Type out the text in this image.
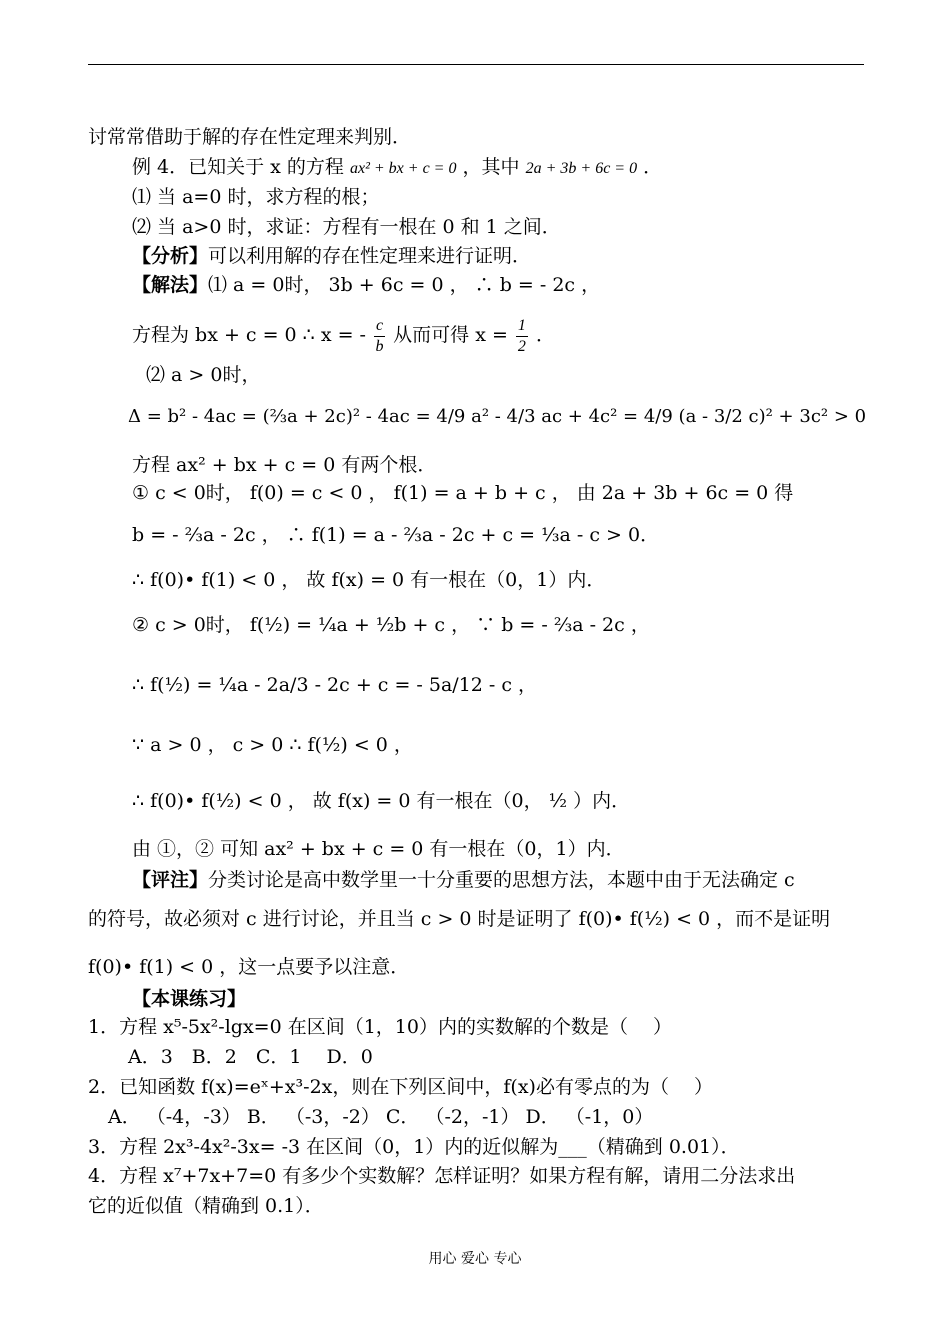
讨常常借助于解的存在性定理来判别．
例 4．已知关于 x 的方程 ax² + bx + c = 0 ，其中 2a + 3b + 6c = 0 ．
⑴ 当 a=0 时，求方程的根；
⑵ 当 a>0 时，求证：方程有一根在 0 和 1 之间．
【分析】可以利用解的存在性定理来进行证明．
【解法】⑴ a = 0时， 3b + 6c = 0 ， ∴ b = - 2c ，
方程为 bx + c = 0 ∴ x = - $\frac{c}{b}$ 从而可得 $x = \frac{1}{2}$ ．
⑵ a > 0时，
Δ = b² - 4ac = (⅔a + 2c)² - 4ac = 4/9 a² - 4/3 ac + 4c² = 4/9 (a - 3/2 c)² + 3c² > 0
方程 ax² + bx + c = 0 有两个根．
① c < 0时， f(0) = c < 0 ， f(1) = a + b + c ， 由 2a + 3b + 6c = 0 得
b = - ⅔a - 2c ， ∴ f(1) = a - ⅔a - 2c + c = ⅓a - c > 0．
∴ f(0)• f(1) < 0 ， 故 f(x) = 0 有一根在（0，1）内．
② c > 0时， f(½) = ¼a + ½b + c ， ∵ b = - ⅔a - 2c ，
∴ f(½) = ¼a - 2a/3 - 2c + c = - 5a/12 - c ，
∵ a > 0 ， c > 0 ∴ f(½) < 0 ，
∴ f(0)• f(½) < 0 ， 故 f(x) = 0 有一根在（0， ½ ）内．
由 ①，② 可知 ax² + bx + c = 0 有一根在（0，1）内．
【评注】分类讨论是高中数学里一十分重要的思想方法，本题中由于无法确定 c
的符号，故必须对 c 进行讨论，并且当 c > 0 时是证明了 f(0)• f(½) < 0 ，而不是证明
f(0)• f(1) < 0 ，这一点要予以注意．
【本课练习】
1．方程 x⁵-5x²-lgx=0 在区间（1，10）内的实数解的个数是（　 ）
A．3　B．2　C．1　 D．0
2．已知函数 f(x)=eˣ+x³-2x，则在下列区间中，f(x)必有零点的为（　 ）
A． （-4，-3） B． （-3，-2） C． （-2，-1） D． （-1，0）
3．方程 2x³-4x²-3x= -3 在区间（0，1）内的近似解为___（精确到 0.01）．
4．方程 x⁷+7x+7=0 有多少个实数解？怎样证明？如果方程有解，请用二分法求出
它的近似值（精确到 0.1）．
用心 爱心 专心
